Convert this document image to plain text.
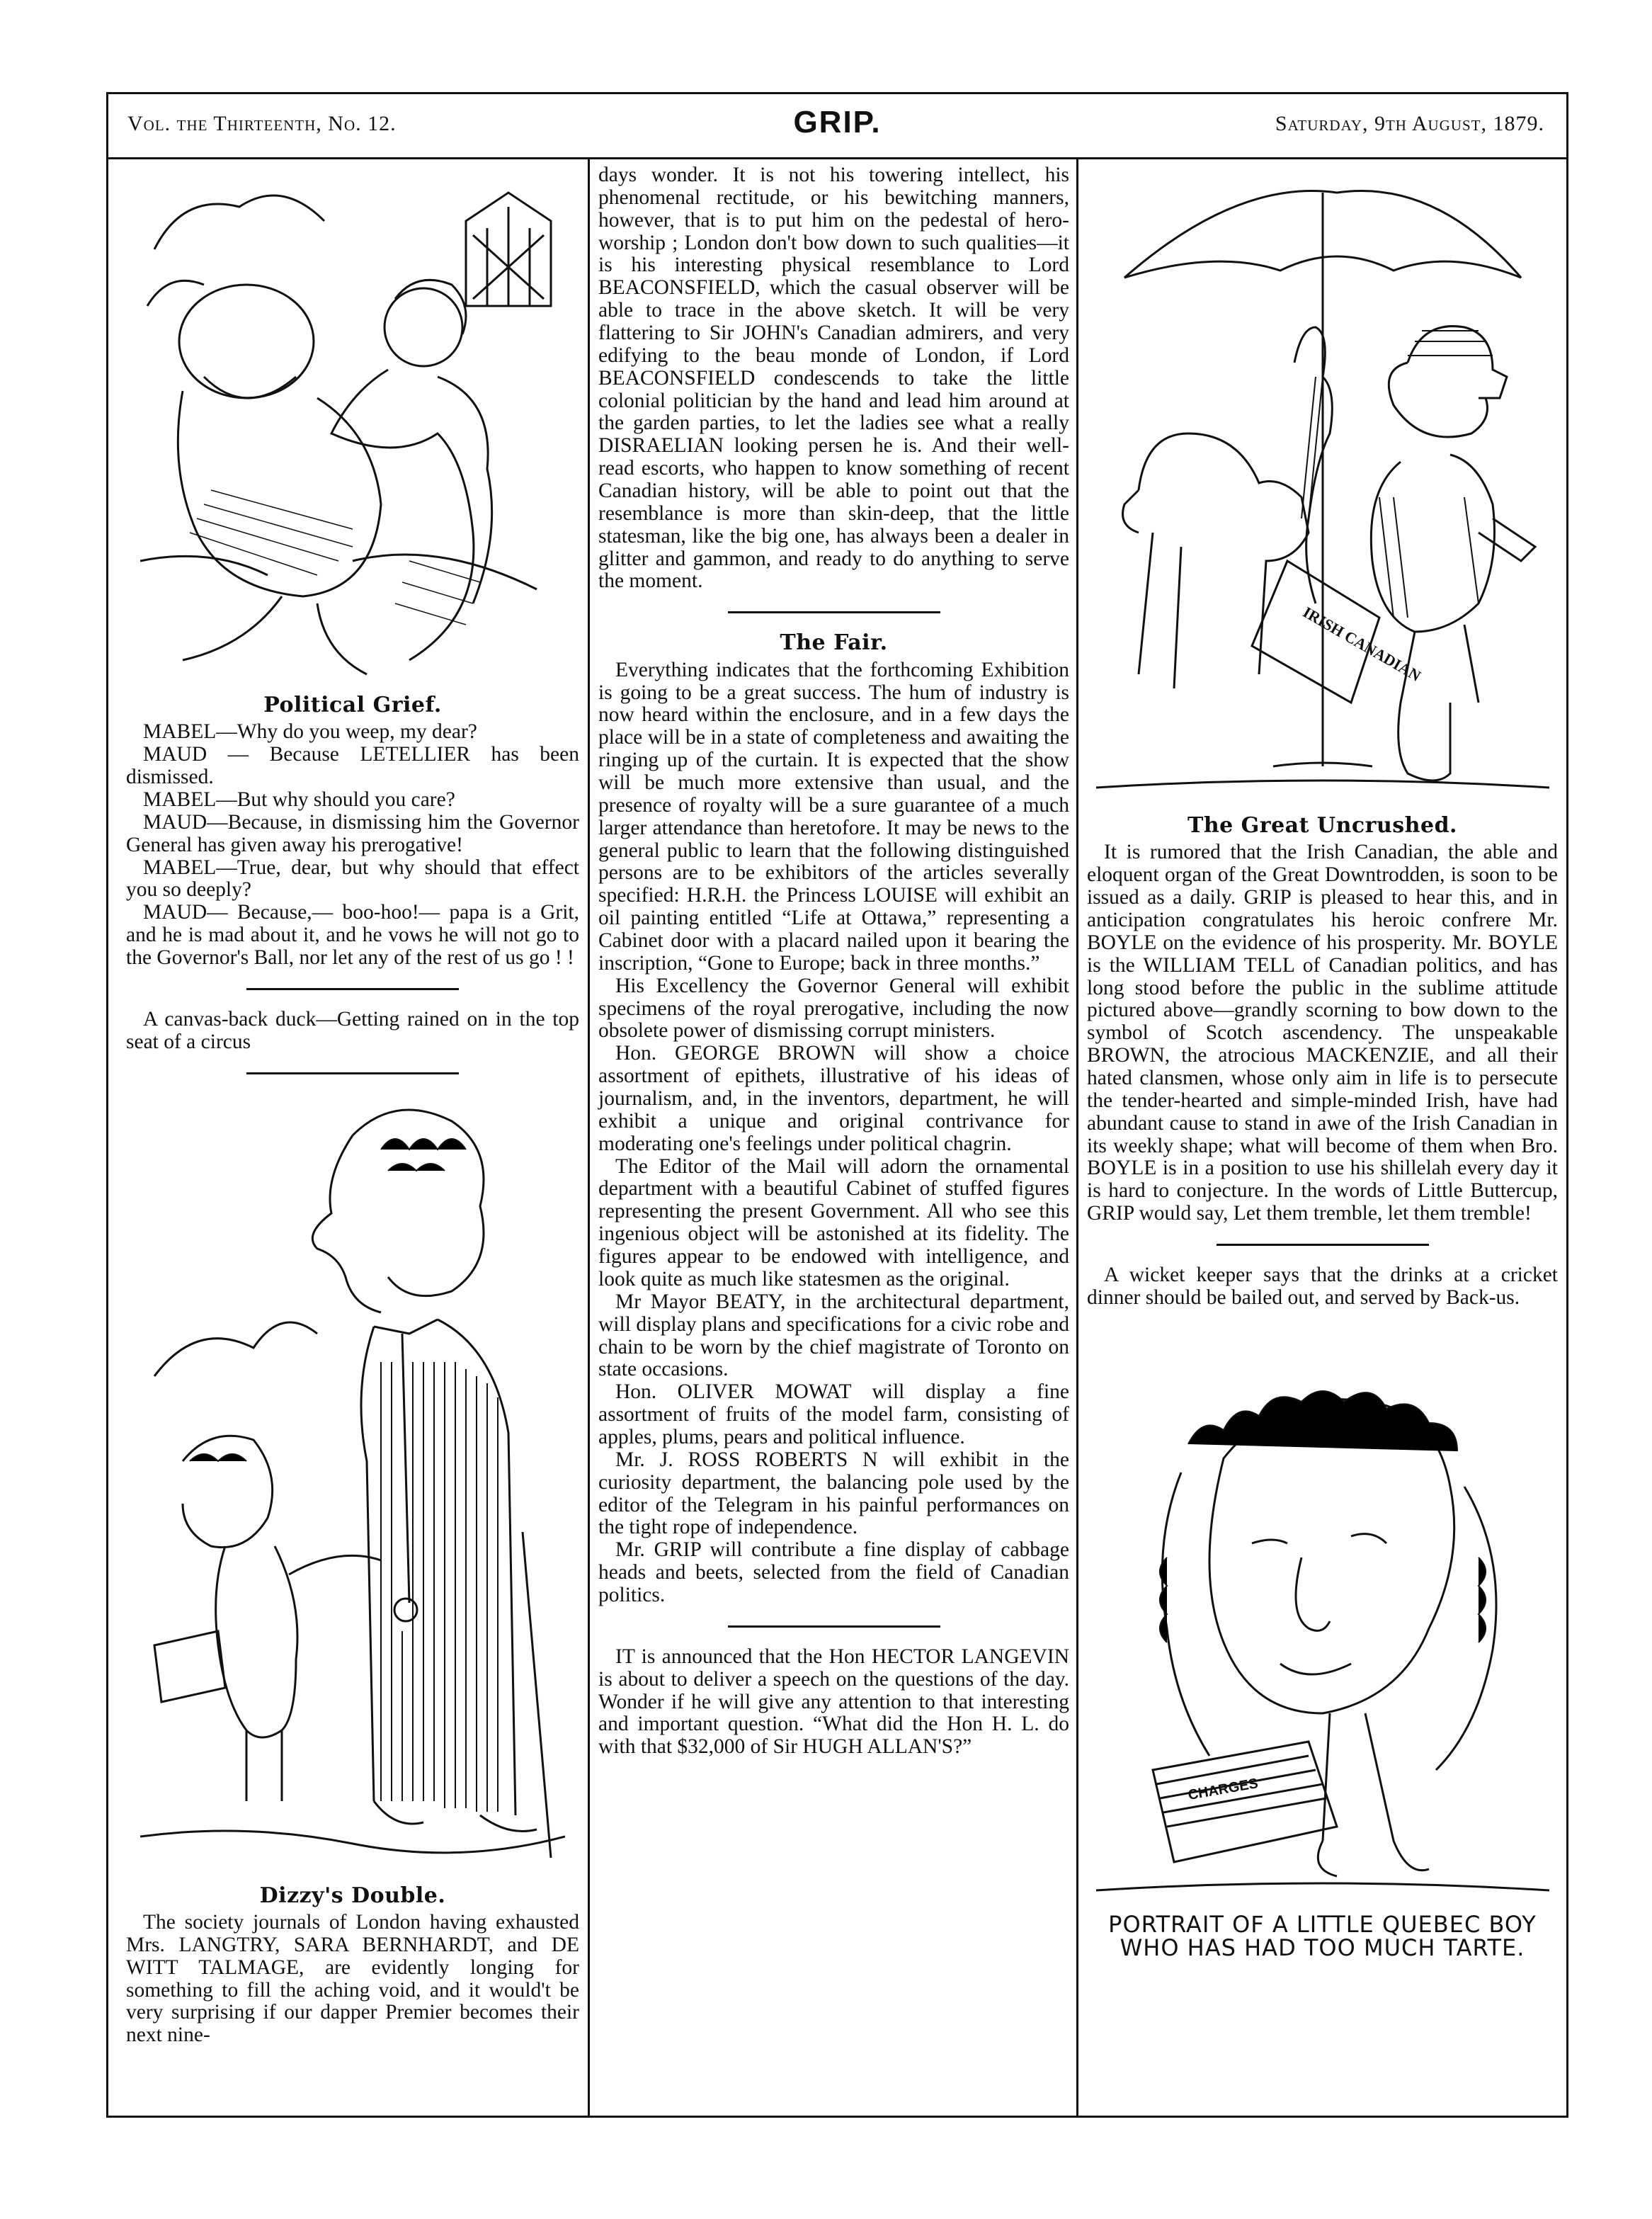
Vol. the Thirteenth, No. 12.	GRIP.	Saturday, 9th August, 1879.
Political Grief.

MABEL—Why do you weep, my dear?

MAUD — Because LETELLIER has been dismissed.

MABEL—But why should you care?

MAUD—Because, in dismissing him the Governor General has given away his prerogative!

MABEL—True, dear, but why should that effect you so deeply?

MAUD— Because,— boo-hoo!— papa is a Grit, and he is mad about it, and he vows he will not go to the Governor's Ball, nor let any of the rest of us go ! !

A canvas-back duck—Getting rained on in the top seat of a circus

Dizzy's Double.

The society journals of London having exhausted Mrs. LANGTRY, SARA BERNHARDT, and DE WITT TALMAGE, are evidently longing for something to fill the aching void, and it would't be very surprising if our dapper Premier becomes their next nine-

days wonder. It is not his towering intellect, his phenomenal rectitude, or his bewitching manners, however, that is to put him on the pedestal of hero-worship ; London don't bow down to such qualities—it is his interesting physical resemblance to Lord BEACONSFIELD, which the casual observer will be able to trace in the above sketch. It will be very flattering to Sir JOHN's Canadian admirers, and very edifying to the beau monde of London, if Lord BEACONSFIELD condescends to take the little colonial politician by the hand and lead him around at the garden parties, to let the ladies see what a really DISRAELIAN looking persen he is. And their well-read escorts, who happen to know something of recent Canadian history, will be able to point out that the resemblance is more than skin-deep, that the little statesman, like the big one, has always been a dealer in glitter and gammon, and ready to do anything to serve the moment.

The Fair.

Everything indicates that the forthcoming Exhibition is going to be a great success. The hum of industry is now heard within the enclosure, and in a few days the place will be in a state of completeness and awaiting the ringing up of the curtain. It is expected that the show will be much more extensive than usual, and the presence of royalty will be a sure guarantee of a much larger attendance than heretofore. It may be news to the general public to learn that the following distinguished persons are to be exhibitors of the articles severally specified: H.R.H. the Princess LOUISE will exhibit an oil painting entitled “Life at Ottawa,” representing a Cabinet door with a placard nailed upon it bearing the inscription, “Gone to Europe; back in three months.”

His Excellency the Governor General will exhibit specimens of the royal prerogative, including the now obsolete power of dismissing corrupt ministers.

Hon. GEORGE BROWN will show a choice assortment of epithets, illustrative of his ideas of journalism, and, in the inventors, department, he will exhibit a unique and original contrivance for moderating one's feelings under political chagrin.

The Editor of the Mail will adorn the ornamental department with a beautiful Cabinet of stuffed figures representing the present Government. All who see this ingenious object will be astonished at its fidelity. The figures appear to be endowed with intelligence, and look quite as much like statesmen as the original.

Mr Mayor BEATY, in the architectural department, will display plans and specifications for a civic robe and chain to be worn by the chief magistrate of Toronto on state occasions.

Hon. OLIVER MOWAT will display a fine assortment of fruits of the model farm, consisting of apples, plums, pears and political influence.

Mr. J. ROSS ROBERTS N will exhibit in the curiosity department, the balancing pole used by the editor of the Telegram in his painful performances on the tight rope of independence.

Mr. GRIP will contribute a fine display of cabbage heads and beets, selected from the field of Canadian politics.

IT is announced that the Hon HECTOR LANGEVIN is about to deliver a speech on the questions of the day. Wonder if he will give any attention to that interesting and important question. “What did the Hon H. L. do with that $32,000 of Sir HUGH ALLAN'S?”

IRISH CANADIAN
The Great Uncrushed.

It is rumored that the Irish Canadian, the able and eloquent organ of the Great Downtrodden, is soon to be issued as a daily. GRIP is pleased to hear this, and in anticipation congratulates his heroic confrere Mr. BOYLE on the evidence of his prosperity. Mr. BOYLE is the WILLIAM TELL of Canadian politics, and has long stood before the public in the sublime attitude pictured above—grandly scorning to bow down to the symbol of Scotch ascendency. The unspeakable BROWN, the atrocious MACKENZIE, and all their hated clansmen, whose only aim in life is to persecute the tender-hearted and simple-minded Irish, have had abundant cause to stand in awe of the Irish Canadian in its weekly shape; what will become of them when Bro. BOYLE is in a position to use his shillelah every day it is hard to conjecture. In the words of Little Buttercup, GRIP would say, Let them tremble, let them tremble!

A wicket keeper says that the drinks at a cricket dinner should be bailed out, and served by Back-us.

CHARGES
PORTRAIT OF A LITTLE QUEBEC BOY WHO HAS HAD TOO MUCH TARTE.
